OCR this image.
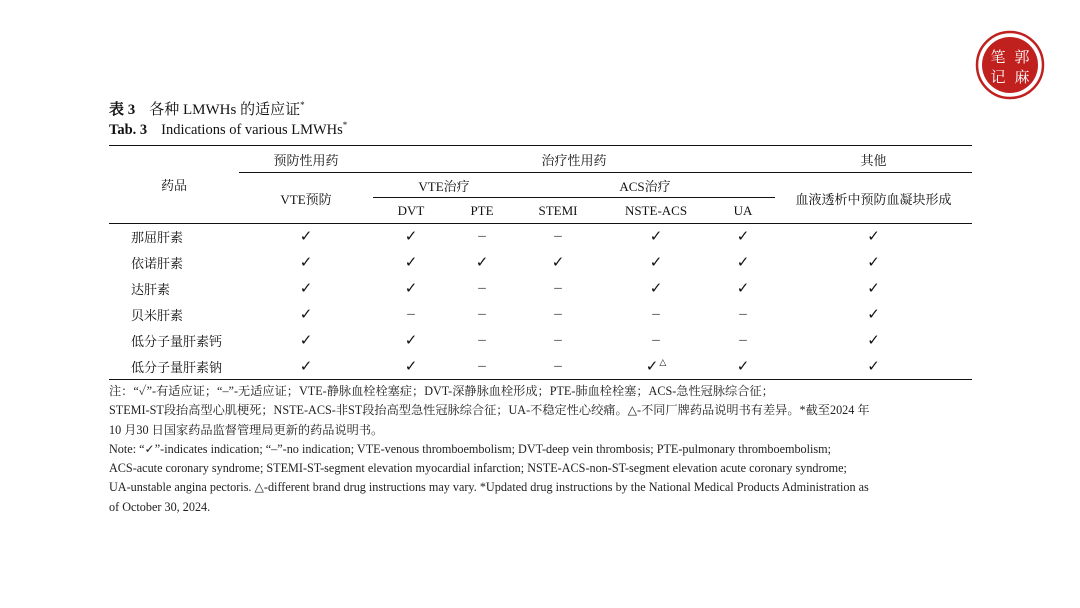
笔 郭
记 麻
表 3 各种 LMWHs 的适应证*
Tab. 3 Indications of various LMWHs*
药品	预防性用药	治疗性用药					其他
	VTE预防	VTE治疗		ACS治疗			血液透析中预防血凝块形成
		DVT	PTE	STEMI	NSTE-ACS	UA	
那屈肝素	✓	✓	–	–	✓	✓	✓
依诺肝素	✓	✓	✓	✓	✓	✓	✓
达肝素	✓	✓	–	–	✓	✓	✓
贝米肝素	✓	–	–	–	–	–	✓
低分子量肝素钙	✓	✓	–	–	–	–	✓
低分子量肝素钠	✓	✓	–	–	✓△	✓	✓

注：“✓”-有适应证；“–”-无适应证；VTE-静脉血栓栓塞症；DVT-深静脉血栓形成；PTE-肺血栓栓塞；ACS-急性冠脉综合征；

STEMI-ST段抬高型心肌梗死；NSTE-ACS-非ST段抬高型急性冠脉综合征；UA-不稳定性心绞痛。△-不同厂牌药品说明书有差异。*截至2024 年

10 月30 日国家药品监督管理局更新的药品说明书。

Note: “✓”-indicates indication; “–”-no indication; VTE-venous thromboembolism; DVT-deep vein thrombosis; PTE-pulmonary thromboembolism;

ACS-acute coronary syndrome; STEMI-ST-segment elevation myocardial infarction; NSTE-ACS-non-ST-segment elevation acute coronary syndrome;

UA-unstable angina pectoris. △-different brand drug instructions may vary. *Updated drug instructions by the National Medical Products Administration as

of October 30, 2024.
